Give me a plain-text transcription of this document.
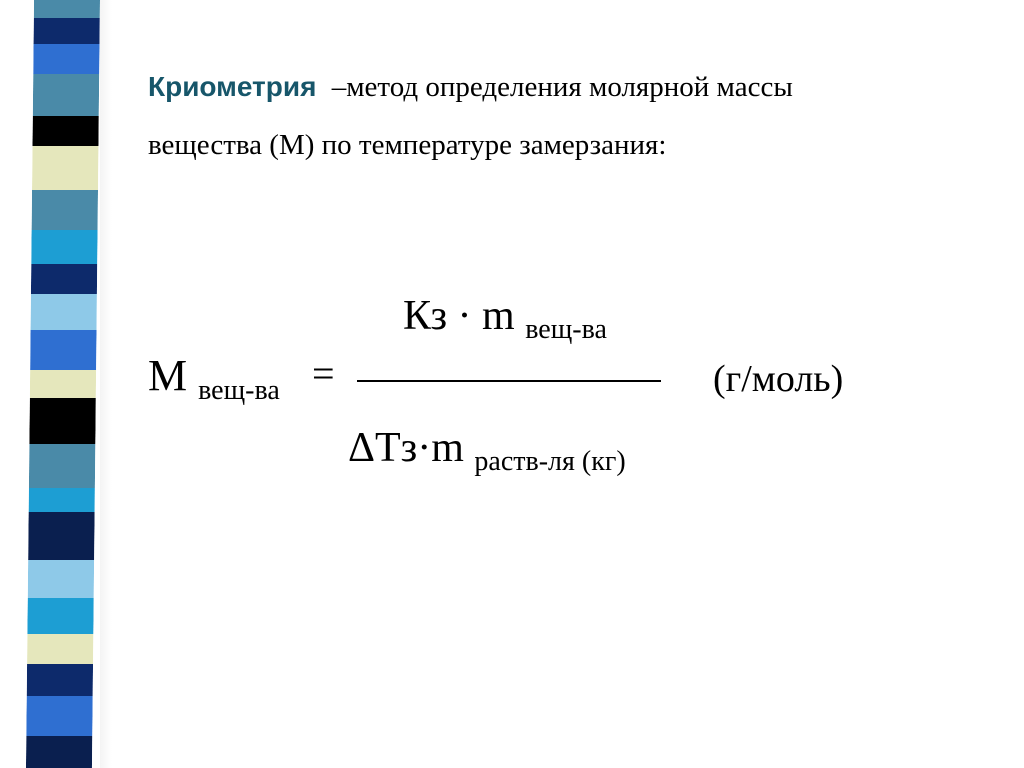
Криометрия –метод определения молярной массы
вещества (М) по температуре замерзания:
Кз · m $_{вещ-ва}$
М $_{вещ-ва}$ =	(г/моль)
ΔTз·m $_{раств-ля (кг)}$
